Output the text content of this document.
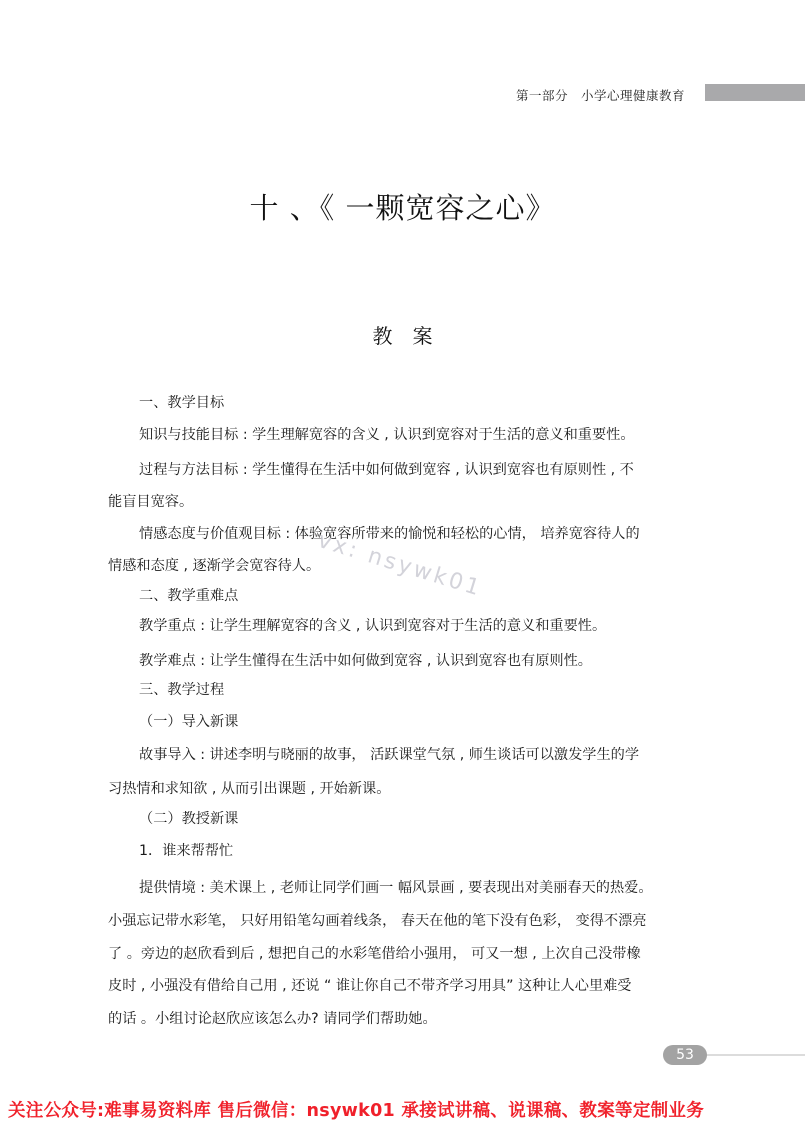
第一部分　小学心理健康教育
十 、《 一颗宽容之心》
教案
一、教学目标
知识与技能目标 : 学生理解宽容的含义 , 认识到宽容对于生活的意义和重要性。
过程与方法目标 : 学生懂得在生活中如何做到宽容 , 认识到宽容也有原则性 , 不
能盲目宽容。
情感态度与价值观目标 : 体验宽容所带来的愉悦和轻松的心情， 培养宽容待人的
情感和态度 , 逐渐学会宽容待人。
二、教学重难点
教学重点 : 让学生理解宽容的含义 , 认识到宽容对于生活的意义和重要性。
教学难点 : 让学生懂得在生活中如何做到宽容 , 认识到宽容也有原则性。
三、教学过程
（一）导入新课
故事导入 : 讲述李明与晓丽的故事， 活跃课堂气氛 , 师生谈话可以激发学生的学
习热情和求知欲 , 从而引出课题 , 开始新课。
（二）教授新课
1．谁来帮帮忙
提供情境 : 美术课上 , 老师让同学们画一 幅风景画 , 要表现出对美丽春天的热爱。
小强忘记带水彩笔， 只好用铅笔勾画着线条， 春天在他的笔下没有色彩， 变得不漂亮
了 。旁边的赵欣看到后 , 想把自己的水彩笔借给小强用， 可又一想 , 上次自己没带橡
皮时 , 小强没有借给自己用 , 还说 “ 谁让你自己不带齐学习用具” 这种让人心里难受
的话 。小组讨论赵欣应该怎么办? 请同学们帮助她。
vx: nsywk01
53
关注公众号:难事易资料库 售后微信：nsywk01 承接试讲稿、说课稿、教案等定制业务
